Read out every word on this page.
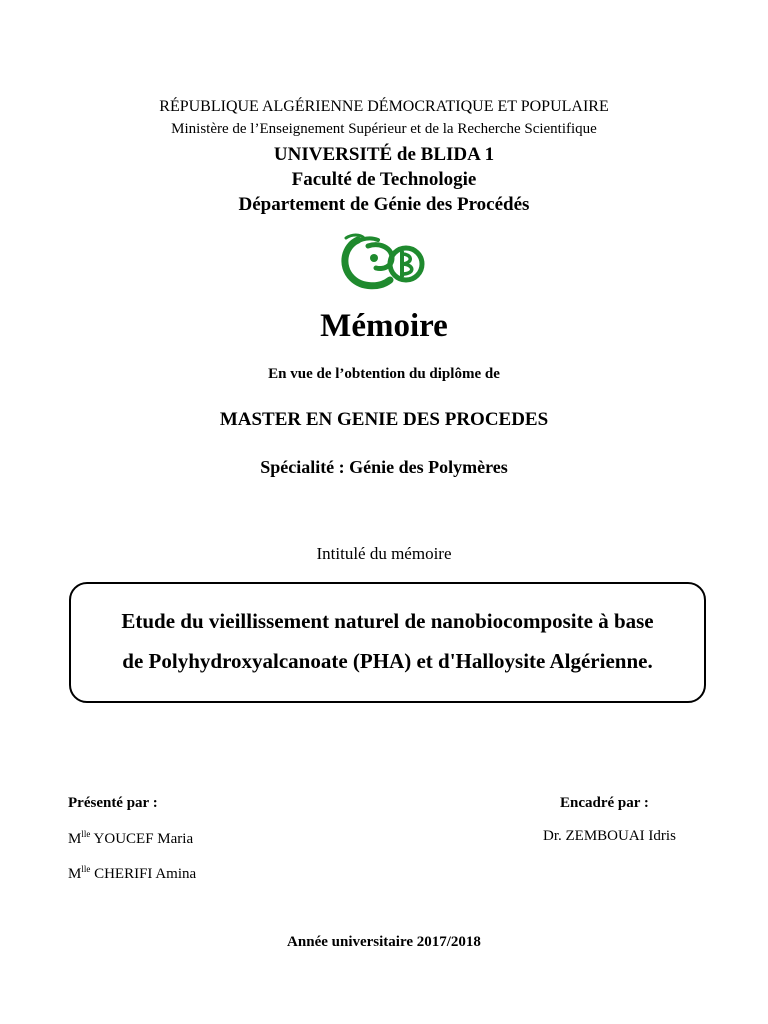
RÉPUBLIQUE ALGÉRIENNE DÉMOCRATIQUE ET POPULAIRE
Ministère de l’Enseignement Supérieur et de la Recherche Scientifique
UNIVERSITÉ de BLIDA 1
Faculté de Technologie
Département de Génie des Procédés
Mémoire
En vue de l’obtention du diplôme de
MASTER EN GENIE DES PROCEDES
Spécialité : Génie des Polymères
Intitulé du mémoire
Etude du vieillissement naturel de nanobiocomposite à base
de Polyhydroxyalcanoate (PHA) et d'Halloysite Algérienne.
Présenté par :
$M^{lle}$ YOUCEF Maria
$M^{lle}$ CHERIFI Amina
Encadré par :
Dr. ZEMBOUAI Idris
Année universitaire 2017/2018
